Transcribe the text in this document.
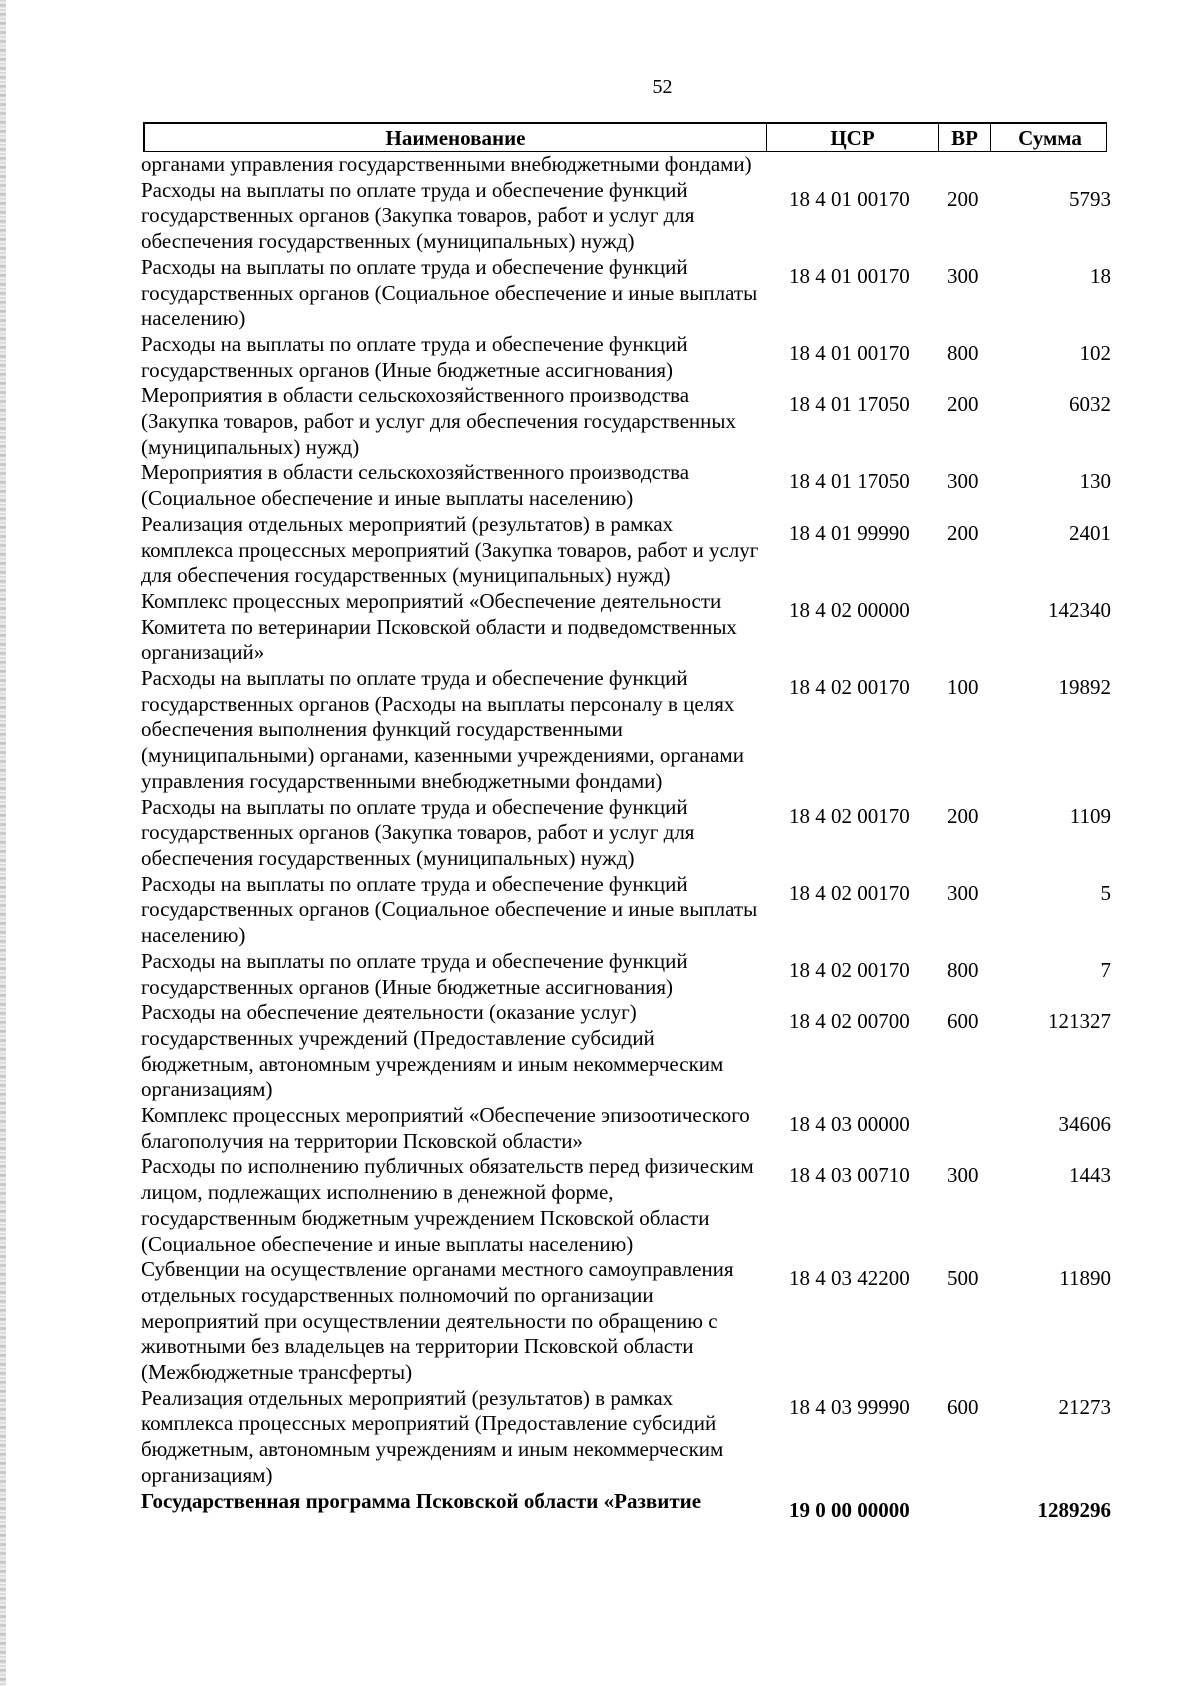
52
Наименование	ЦСР	ВР	Сумма
органами управления государственными внебюджетными фондами)
Расходы на выплаты по оплате труда и обеспечение функций государственных органов (Закупка товаров, работ и услуг для обеспечения государственных (муниципальных) нужд)
18 4 01 00170 200	5793
Расходы на выплаты по оплате труда и обеспечение функций государственных органов (Социальное обеспечение и иные выплаты населению)
18 4 01 00170 300	18
Расходы на выплаты по оплате труда и обеспечение функций государственных органов (Иные бюджетные ассигнования)
18 4 01 00170 800	102
Мероприятия в области сельскохозяйственного производства (Закупка товаров, работ и услуг для обеспечения государственных (муниципальных) нужд)
18 4 01 17050 200	6032
Мероприятия в области сельскохозяйственного производства (Социальное обеспечение и иные выплаты населению)
18 4 01 17050 300	130
Реализация отдельных мероприятий (результатов) в рамках комплекса процессных мероприятий (Закупка товаров, работ и услуг для обеспечения государственных (муниципальных) нужд)
18 4 01 99990 200	2401
Комплекс процессных мероприятий «Обеспечение деятельности Комитета по ветеринарии Псковской области и подведомственных организаций»
18 4 02 00000	142340
Расходы на выплаты по оплате труда и обеспечение функций государственных органов (Расходы на выплаты персоналу в целях обеспечения выполнения функций государственными (муниципальными) органами, казенными учреждениями, органами управления государственными внебюджетными фондами)
18 4 02 00170 100	19892
Расходы на выплаты по оплате труда и обеспечение функций государственных органов (Закупка товаров, работ и услуг для обеспечения государственных (муниципальных) нужд)
18 4 02 00170 200	1109
Расходы на выплаты по оплате труда и обеспечение функций государственных органов (Социальное обеспечение и иные выплаты населению)
18 4 02 00170 300	5
Расходы на выплаты по оплате труда и обеспечение функций государственных органов (Иные бюджетные ассигнования)
18 4 02 00170 800	7
Расходы на обеспечение деятельности (оказание услуг) государственных учреждений (Предоставление субсидий бюджетным, автономным учреждениям и иным некоммерческим организациям)
18 4 02 00700 600	121327
Комплекс процессных мероприятий «Обеспечение эпизоотического благополучия на территории Псковской области»
18 4 03 00000	34606
Расходы по исполнению публичных обязательств перед физическим лицом, подлежащих исполнению в денежной форме, государственным бюджетным учреждением Псковской области (Социальное обеспечение и иные выплаты населению)
18 4 03 00710 300	1443
Субвенции на осуществление органами местного самоуправления отдельных государственных полномочий по организации мероприятий при осуществлении деятельности по обращению с животными без владельцев на территории Псковской области (Межбюджетные трансферты)
18 4 03 42200 500	11890
Реализация отдельных мероприятий (результатов) в рамках комплекса процессных мероприятий (Предоставление субсидий бюджетным, автономным учреждениям и иным некоммерческим организациям)
18 4 03 99990 600	21273
Государственная программа Псковской области «Развитие	19 0 00 00000	1289296
